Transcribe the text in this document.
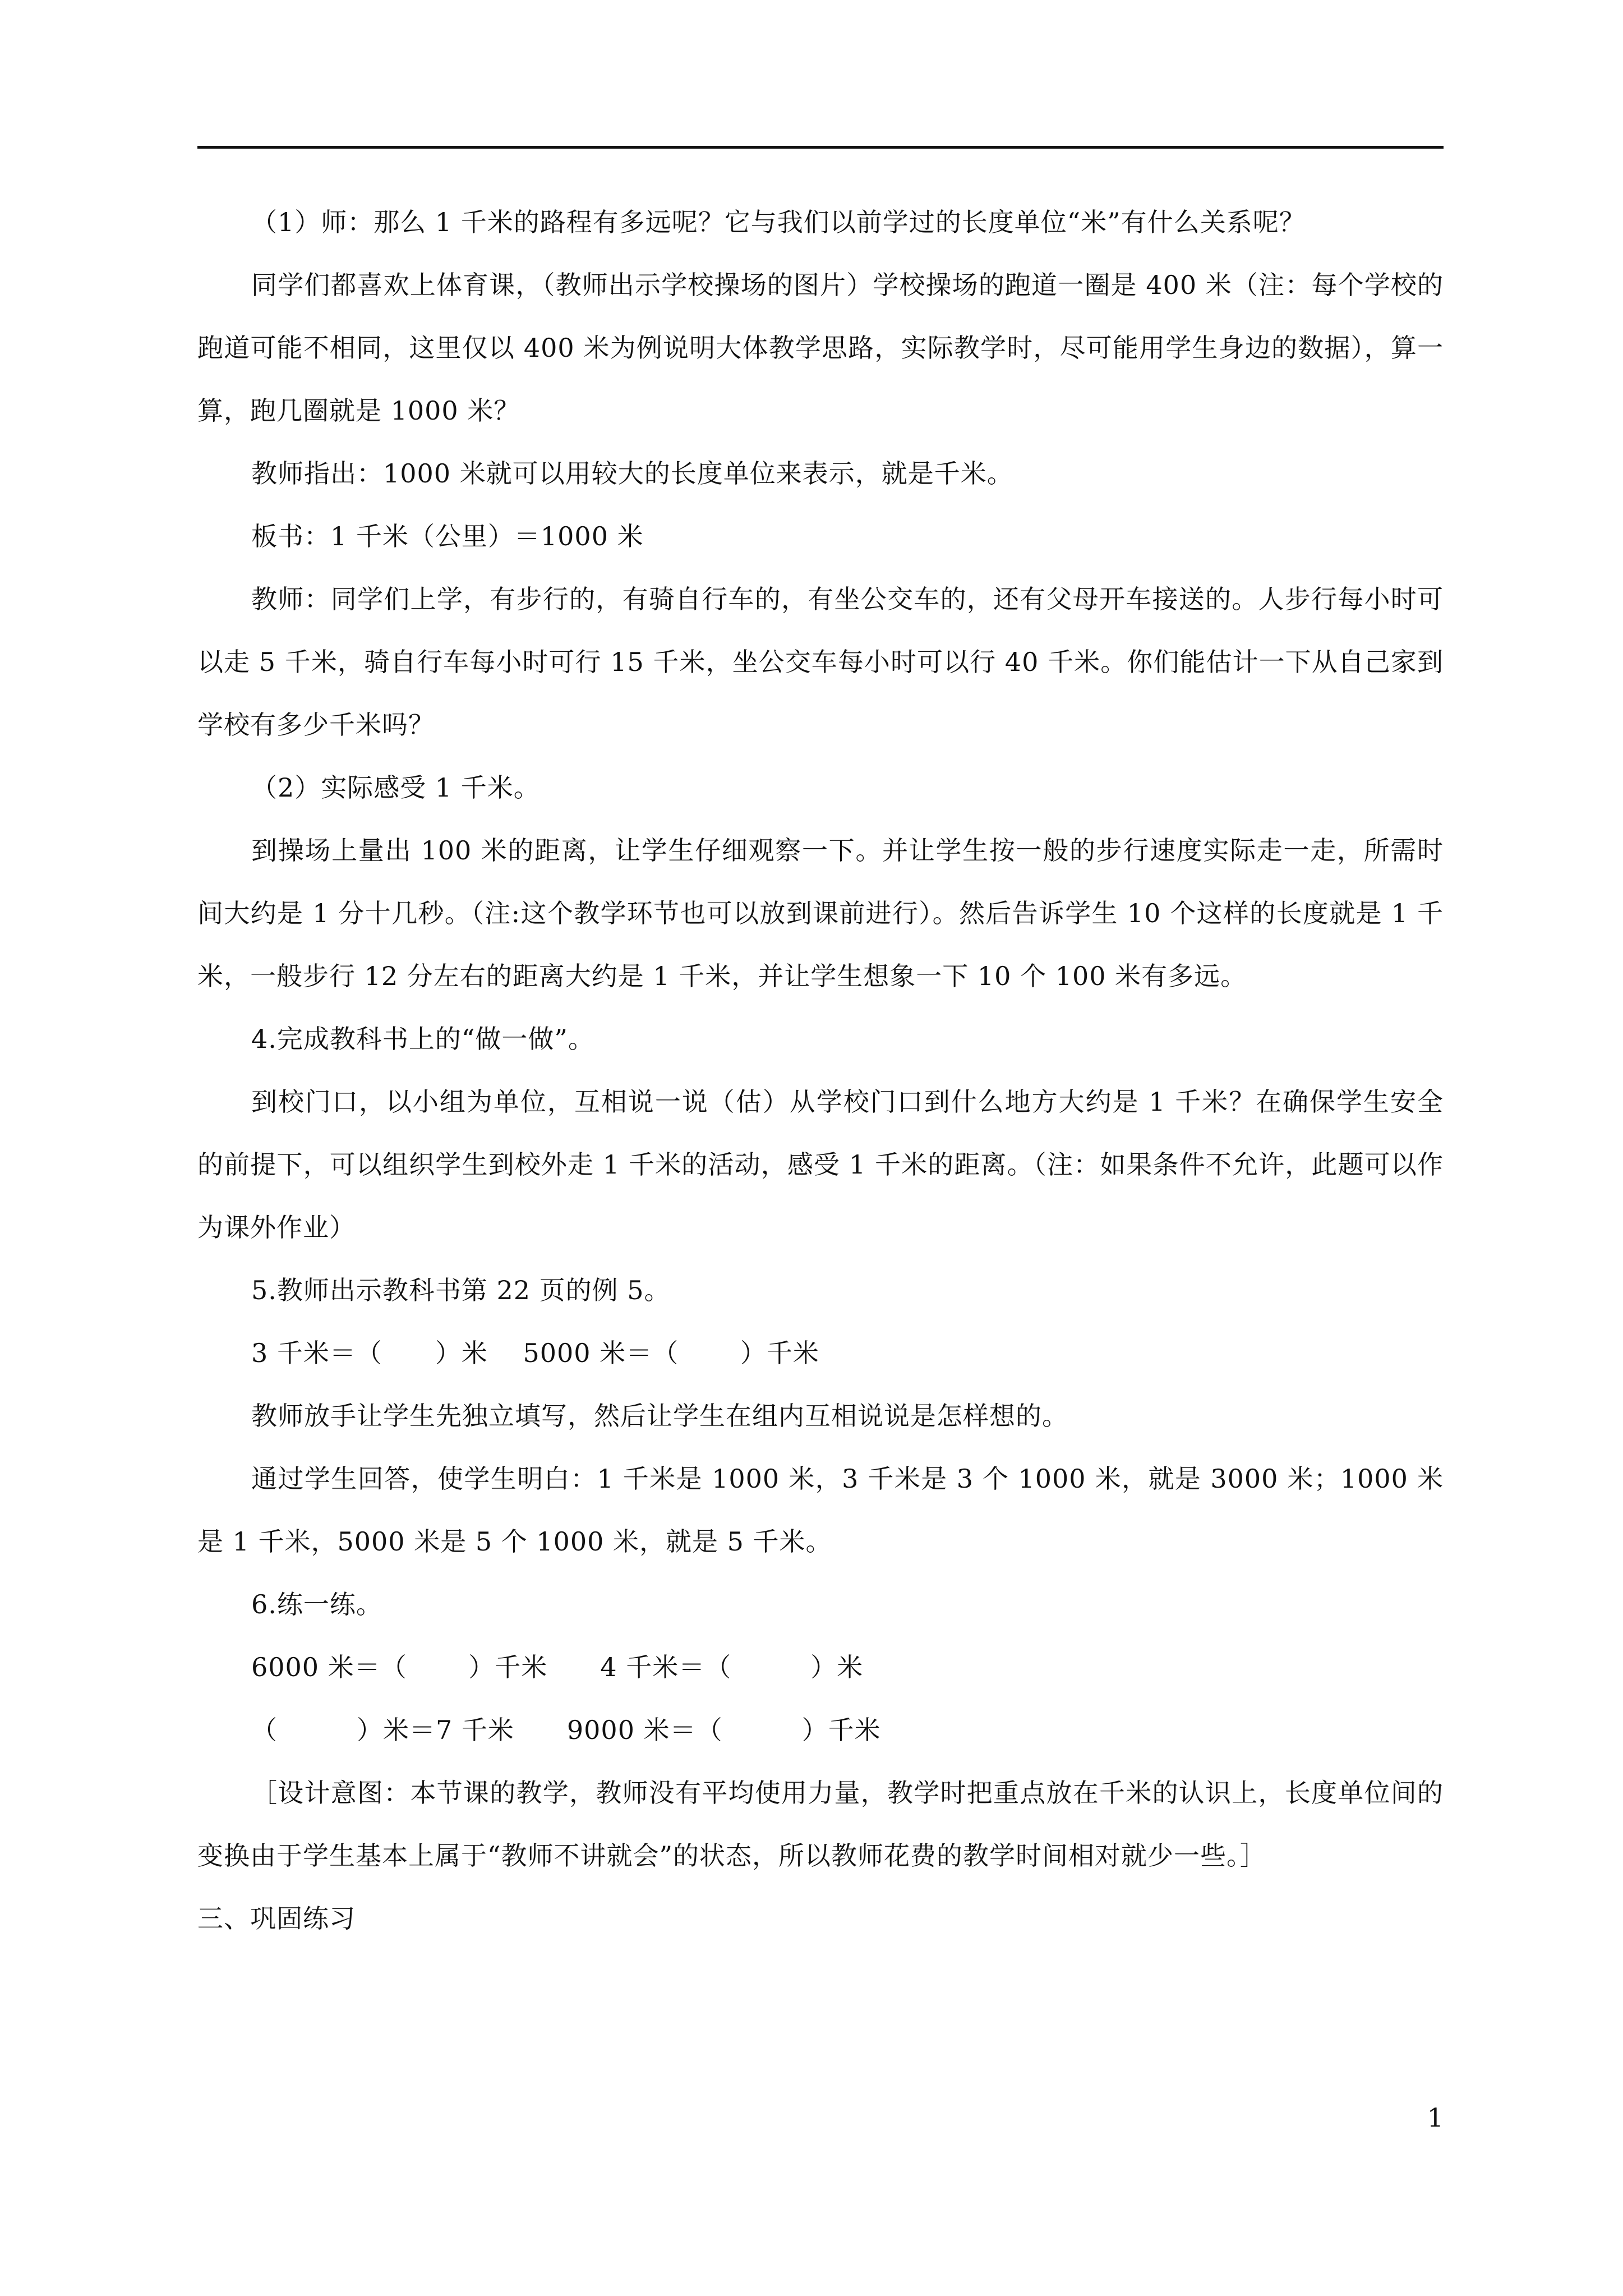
（1）师：那么 1 千米的路程有多远呢？它与我们以前学过的长度单位“米”有什么关系呢？

同学们都喜欢上体育课，（教师出示学校操场的图片）学校操场的跑道一圈是 400 米（注：每个学校的跑道可能不相同，这里仅以 400 米为例说明大体教学思路，实际教学时，尽可能用学生身边的数据），算一算，跑几圈就是 1000 米？

教师指出：1000 米就可以用较大的长度单位来表示，就是千米。

板书：1 千米（公里）＝1000 米

教师：同学们上学，有步行的，有骑自行车的，有坐公交车的，还有父母开车接送的。人步行每小时可以走 5 千米，骑自行车每小时可行 15 千米，坐公交车每小时可以行 40 千米。你们能估计一下从自己家到学校有多少千米吗？

（2）实际感受 1 千米。

到操场上量出 100 米的距离，让学生仔细观察一下。并让学生按一般的步行速度实际走一走，所需时间大约是 1 分十几秒。（注:这个教学环节也可以放到课前进行）。然后告诉学生 10 个这样的长度就是 1 千米，一般步行 12 分左右的距离大约是 1 千米，并让学生想象一下 10 个 100 米有多远。

4.完成教科书上的“做一做”。

到校门口，以小组为单位，互相说一说（估）从学校门口到什么地方大约是 1 千米？在确保学生安全的前提下，可以组织学生到校外走 1 千米的活动，感受 1 千米的距离。（注：如果条件不允许，此题可以作为课外作业）

5.教师出示教科书第 22 页的例 5。

3 千米＝（　　）米　 5000 米＝（　　 ）千米

教师放手让学生先独立填写，然后让学生在组内互相说说是怎样想的。

通过学生回答，使学生明白：1 千米是 1000 米，3 千米是 3 个 1000 米，就是 3000 米；1000 米是 1 千米，5000 米是 5 个 1000 米，就是 5 千米。

6.练一练。

6000 米＝（　　 ）千米　　4 千米＝（　　　）米

（　　　）米＝7 千米　　9000 米＝（　　　）千米

［设计意图：本节课的教学，教师没有平均使用力量，教学时把重点放在千米的认识上，长度单位间的变换由于学生基本上属于“教师不讲就会”的状态，所以教师花费的教学时间相对就少一些。］

三、巩固练习

1
